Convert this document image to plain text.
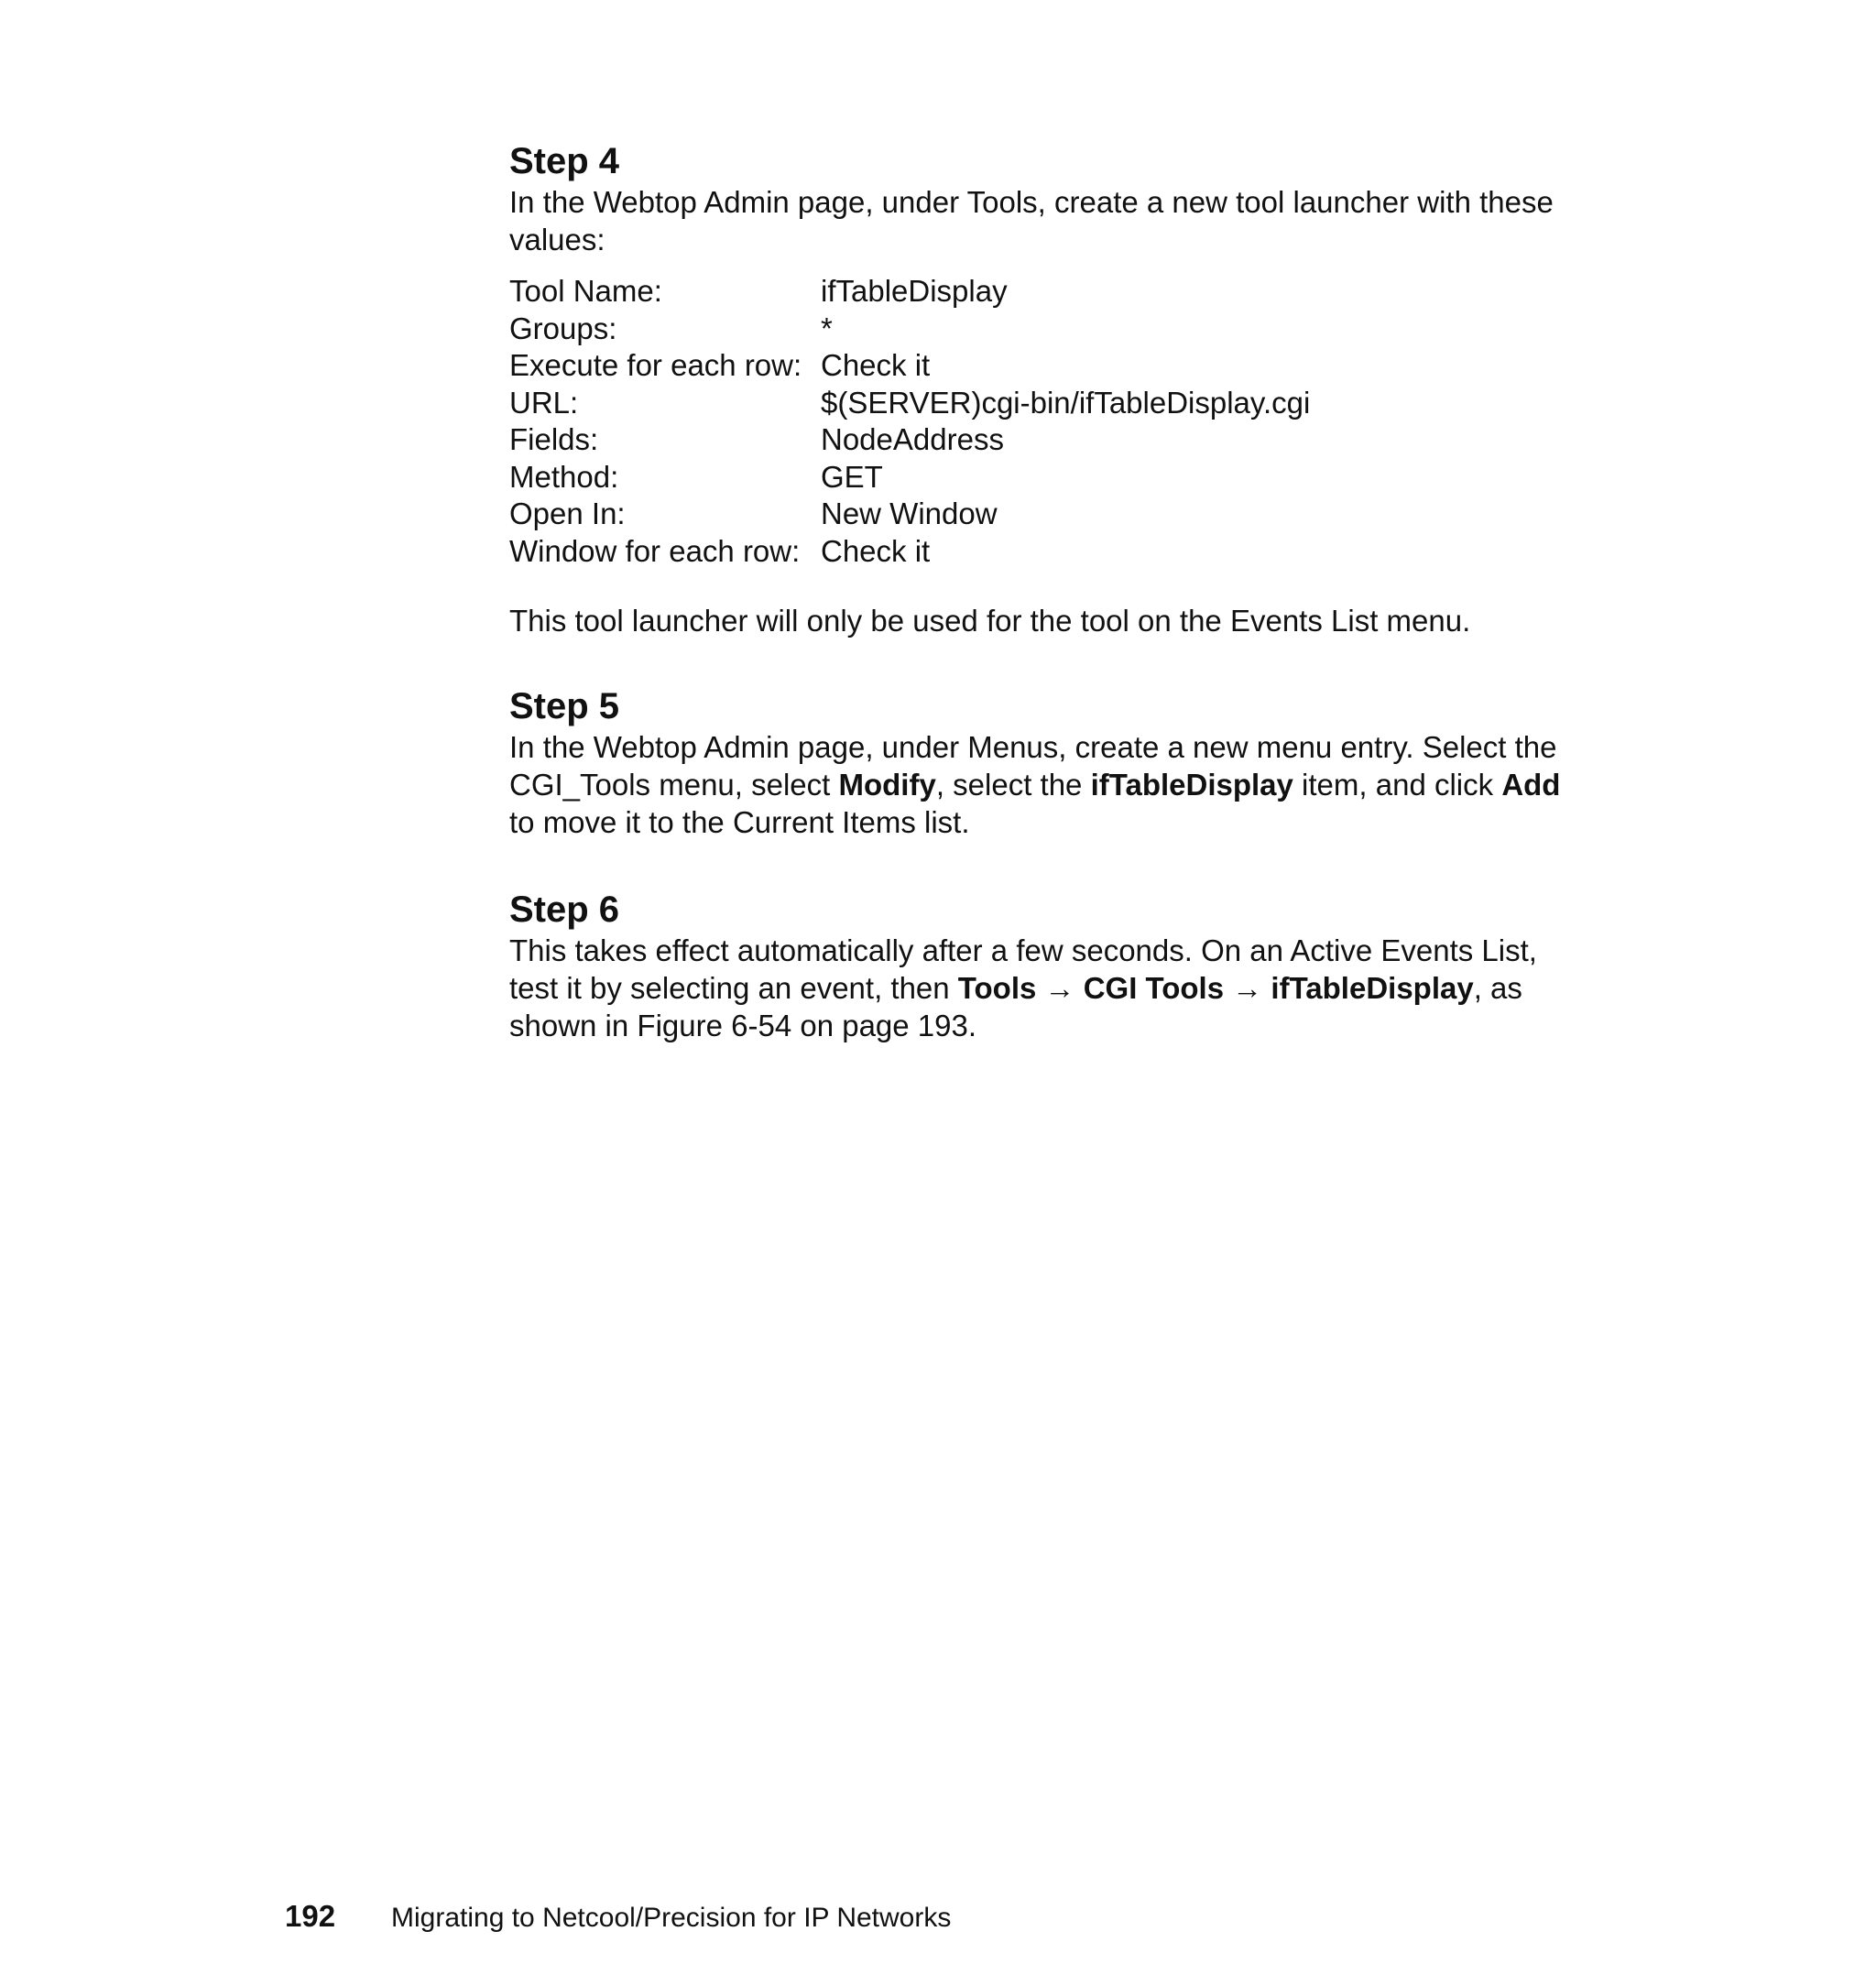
Step 4

In the Webtop Admin page, under Tools, create a new tool launcher with these values:

Tool Name:	ifTableDisplay
Groups:	*
Execute for each row: Check it
URL:	$(SERVER)cgi-bin/ifTableDisplay.cgi
Fields:	NodeAddress
Method:	GET
Open In:	New Window
Window for each row: Check it

This tool launcher will only be used for the tool on the Events List menu.

Step 5

In the Webtop Admin page, under Menus, create a new menu entry. Select the CGI_Tools menu, select Modify, select the ifTableDisplay item, and click Add to move it to the Current Items list.

Step 6

This takes effect automatically after a few seconds. On an Active Events List, test it by selecting an event, then Tools → CGI Tools → ifTableDisplay, as shown in Figure 6-54 on page 193.

192 Migrating to Netcool/Precision for IP Networks
